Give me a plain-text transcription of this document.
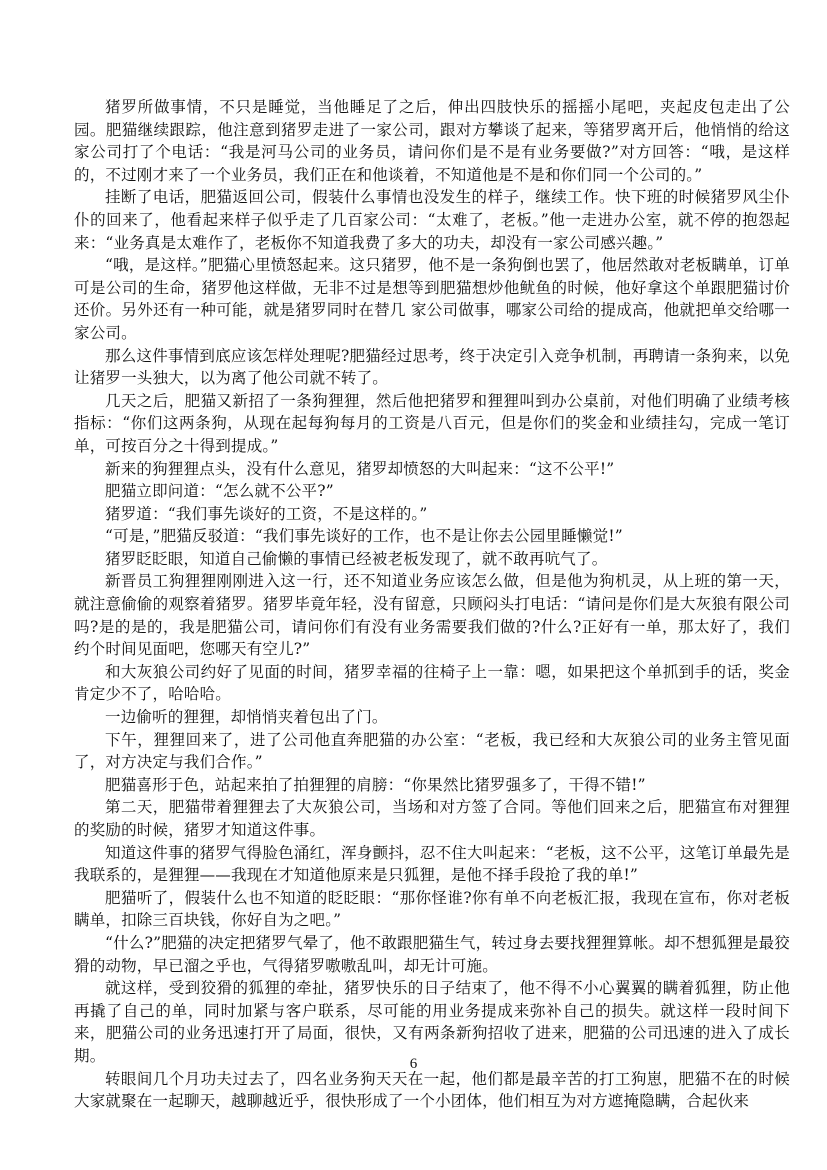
猪罗所做事情，不只是睡觉，当他睡足了之后，伸出四肢快乐的摇摇小尾吧，夹起皮包走出了公园。肥猫继续跟踪，他注意到猪罗走进了一家公司，跟对方攀谈了起来，等猪罗离开后，他悄悄的给这家公司打了个电话：“我是河马公司的业务员，请问你们是不是有业务要做?”对方回答：“哦，是这样的，不过刚才来了一个业务员，我们正在和他谈着，不知道他是不是和你们同一个公司的。”

挂断了电话，肥猫返回公司，假装什么事情也没发生的样子，继续工作。快下班的时候猪罗风尘仆仆的回来了，他看起来样子似乎走了几百家公司：“太难了，老板。”他一走进办公室，就不停的抱怨起来：“业务真是太难作了，老板你不知道我费了多大的功夫，却没有一家公司感兴趣。”

“哦，是这样。”肥猫心里愤怒起来。这只猪罗，他不是一条狗倒也罢了，他居然敢对老板瞒单，订单可是公司的生命，猪罗他这样做，无非不过是想等到肥猫想炒他鱿鱼的时候，他好拿这个单跟肥猫讨价还价。另外还有一种可能，就是猪罗同时在替几 家公司做事，哪家公司给的提成高，他就把单交给哪一家公司。

那么这件事情到底应该怎样处理呢?肥猫经过思考，终于决定引入竞争机制，再聘请一条狗来，以免让猪罗一头独大，以为离了他公司就不转了。

几天之后，肥猫又新招了一条狗狸狸，然后他把猪罗和狸狸叫到办公桌前，对他们明确了业绩考核指标：“你们这两条狗，从现在起每狗每月的工资是八百元，但是你们的奖金和业绩挂勾，完成一笔订单，可按百分之十得到提成。”

新来的狗狸狸点头，没有什么意见，猪罗却愤怒的大叫起来：“这不公平!”

肥猫立即问道：“怎么就不公平?”

猪罗道：“我们事先谈好的工资，不是这样的。”

“可是，”肥猫反驳道：“我们事先谈好的工作，也不是让你去公园里睡懒觉!”

猪罗眨眨眼，知道自己偷懒的事情已经被老板发现了，就不敢再吭气了。

新晋员工狗狸狸刚刚进入这一行，还不知道业务应该怎么做，但是他为狗机灵，从上班的第一天，就注意偷偷的观察着猪罗。猪罗毕竟年轻，没有留意，只顾闷头打电话：“请问是你们是大灰狼有限公司吗?是的是的，我是肥猫公司，请问你们有没有业务需要我们做的?什么?正好有一单，那太好了，我们约个时间见面吧，您哪天有空儿?”

和大灰狼公司约好了见面的时间，猪罗幸福的往椅子上一靠：嗯，如果把这个单抓到手的话，奖金肯定少不了，哈哈哈。

一边偷听的狸狸，却悄悄夹着包出了门。

下午，狸狸回来了，进了公司他直奔肥猫的办公室：“老板，我已经和大灰狼公司的业务主管见面了，对方决定与我们合作。”

肥猫喜形于色，站起来拍了拍狸狸的肩膀：“你果然比猪罗强多了，干得不错!”

第二天，肥猫带着狸狸去了大灰狼公司，当场和对方签了合同。等他们回来之后，肥猫宣布对狸狸的奖励的时候，猪罗才知道这件事。

知道这件事的猪罗气得脸色涌红，浑身颤抖，忍不住大叫起来：“老板，这不公平，这笔订单最先是我联系的，是狸狸——我现在才知道他原来是只狐狸，是他不择手段抢了我的单!”

肥猫听了，假装什么也不知道的眨眨眼：“那你怪谁?你有单不向老板汇报，我现在宣布，你对老板瞒单，扣除三百块钱，你好自为之吧。”

“什么?”肥猫的决定把猪罗气晕了，他不敢跟肥猫生气，转过身去要找狸狸算帐。却不想狐狸是最狡猾的动物，早已溜之乎也，气得猪罗嗷嗷乱叫，却无计可施。

就这样，受到狡猾的狐狸的牵扯，猪罗快乐的日子结束了，他不得不小心翼翼的瞒着狐狸，防止他再撬了自己的单，同时加紧与客户联系，尽可能的用业务提成来弥补自己的损失。就这样一段时间下来，肥猫公司的业务迅速打开了局面，很快，又有两条新狗招收了进来，肥猫的公司迅速的进入了成长期。

转眼间几个月功夫过去了，四名业务狗天天在一起，他们都是最辛苦的打工狗崽，肥猫不在的时候大家就聚在一起聊天，越聊越近乎，很快形成了一个小团体，他们相互为对方遮掩隐瞒，合起伙来

6
